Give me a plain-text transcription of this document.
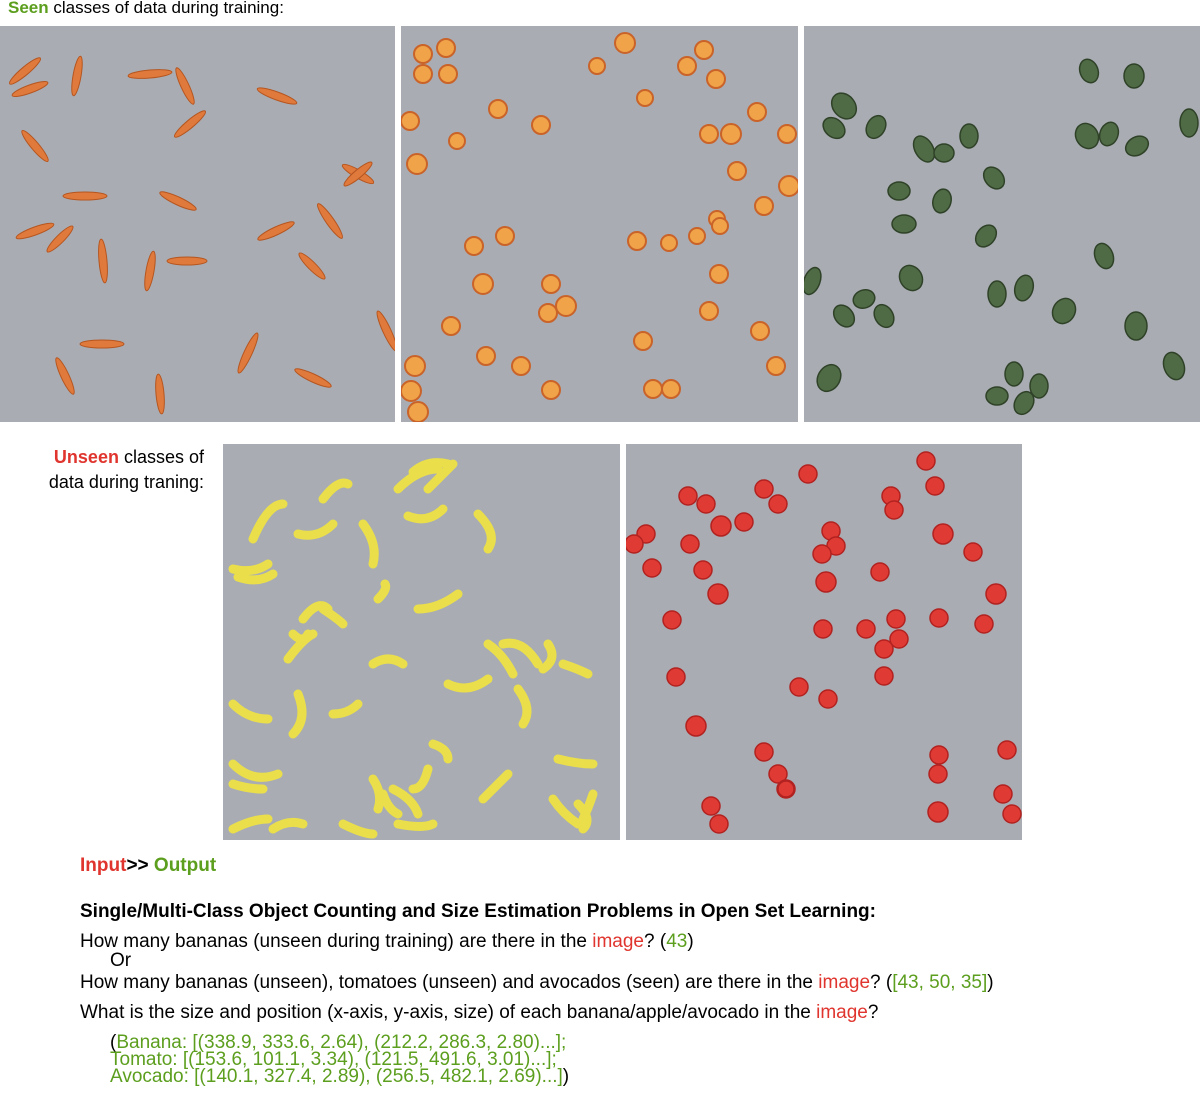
Seen classes of data during training:
Unseen classes of
data during traning:
Input>> Output
Single/Multi-Class Object Counting and Size Estimation Problems in Open Set Learning:
How many bananas (unseen during training) are there in the image? (43)
Or
How many bananas (unseen), tomatoes (unseen) and avocados (seen) are there in the image? ([43, 50, 35])
What is the size and position (x-axis, y-axis, size) of each banana/apple/avocado in the image?
(Banana: [(338.9, 333.6, 2.64), (212.2, 286.3, 2.80)...];
Tomato: [(153.6, 101.1, 3.34), (121.5, 491.6, 3.01)...];
Avocado: [(140.1, 327.4, 2.89), (256.5, 482.1, 2.69)...])
